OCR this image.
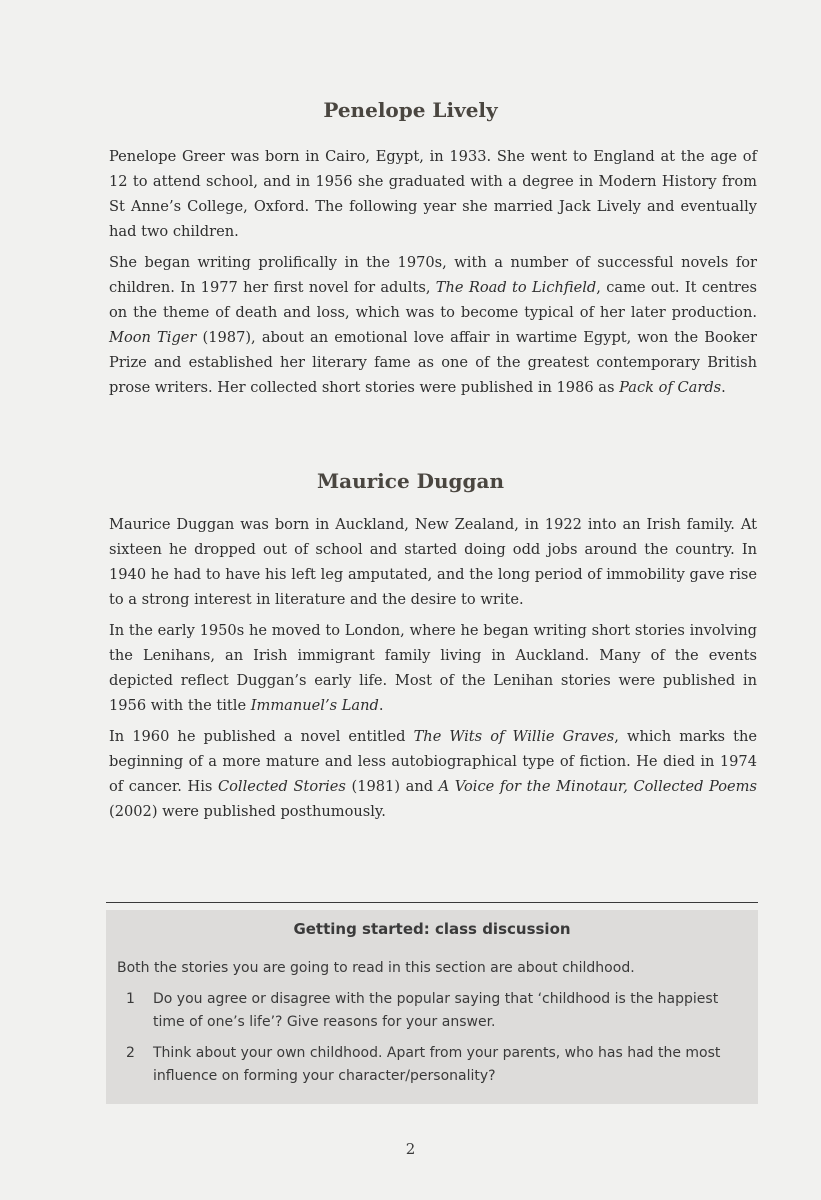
Penelope Lively

Penelope Greer was born in Cairo, Egypt, in 1933. She went to England at the age of 12 to attend school, and in 1956 she graduated with a degree in Modern History from St Anne’s College, Oxford. The following year she married Jack Lively and eventually had two children.

She began writing prolifically in the 1970s, with a number of successful novels for children. In 1977 her first novel for adults, The Road to Lichfield, came out. It centres on the theme of death and loss, which was to become typical of her later production. Moon Tiger (1987), about an emotional love affair in wartime Egypt, won the Booker Prize and established her literary fame as one of the greatest contemporary British prose writers. Her collected short stories were published in 1986 as Pack of Cards.

Maurice Duggan

Maurice Duggan was born in Auckland, New Zealand, in 1922 into an Irish family. At sixteen he dropped out of school and started doing odd jobs around the country. In 1940 he had to have his left leg amputated, and the long period of immobility gave rise to a strong interest in literature and the desire to write.

In the early 1950s he moved to London, where he began writing short stories involving the Lenihans, an Irish immigrant family living in Auckland. Many of the events depicted reflect Duggan’s early life. Most of the Lenihan stories were published in 1956 with the title Immanuel’s Land.

In 1960 he published a novel entitled The Wits of Willie Graves, which marks the beginning of a more mature and less autobiographical type of fiction. He died in 1974 of cancer. His Collected Stories (1981) and A Voice for the Minotaur, Collected Poems (2002) were published posthumously.

Getting started: class discussion
Both the stories you are going to read in this section are about childhood.
1	Do you agree or disagree with the popular saying that ‘childhood is the happiest time of one’s life’? Give reasons for your answer.
2	Think about your own childhood. Apart from your parents, who has had the most influence on forming your character/personality?
2
